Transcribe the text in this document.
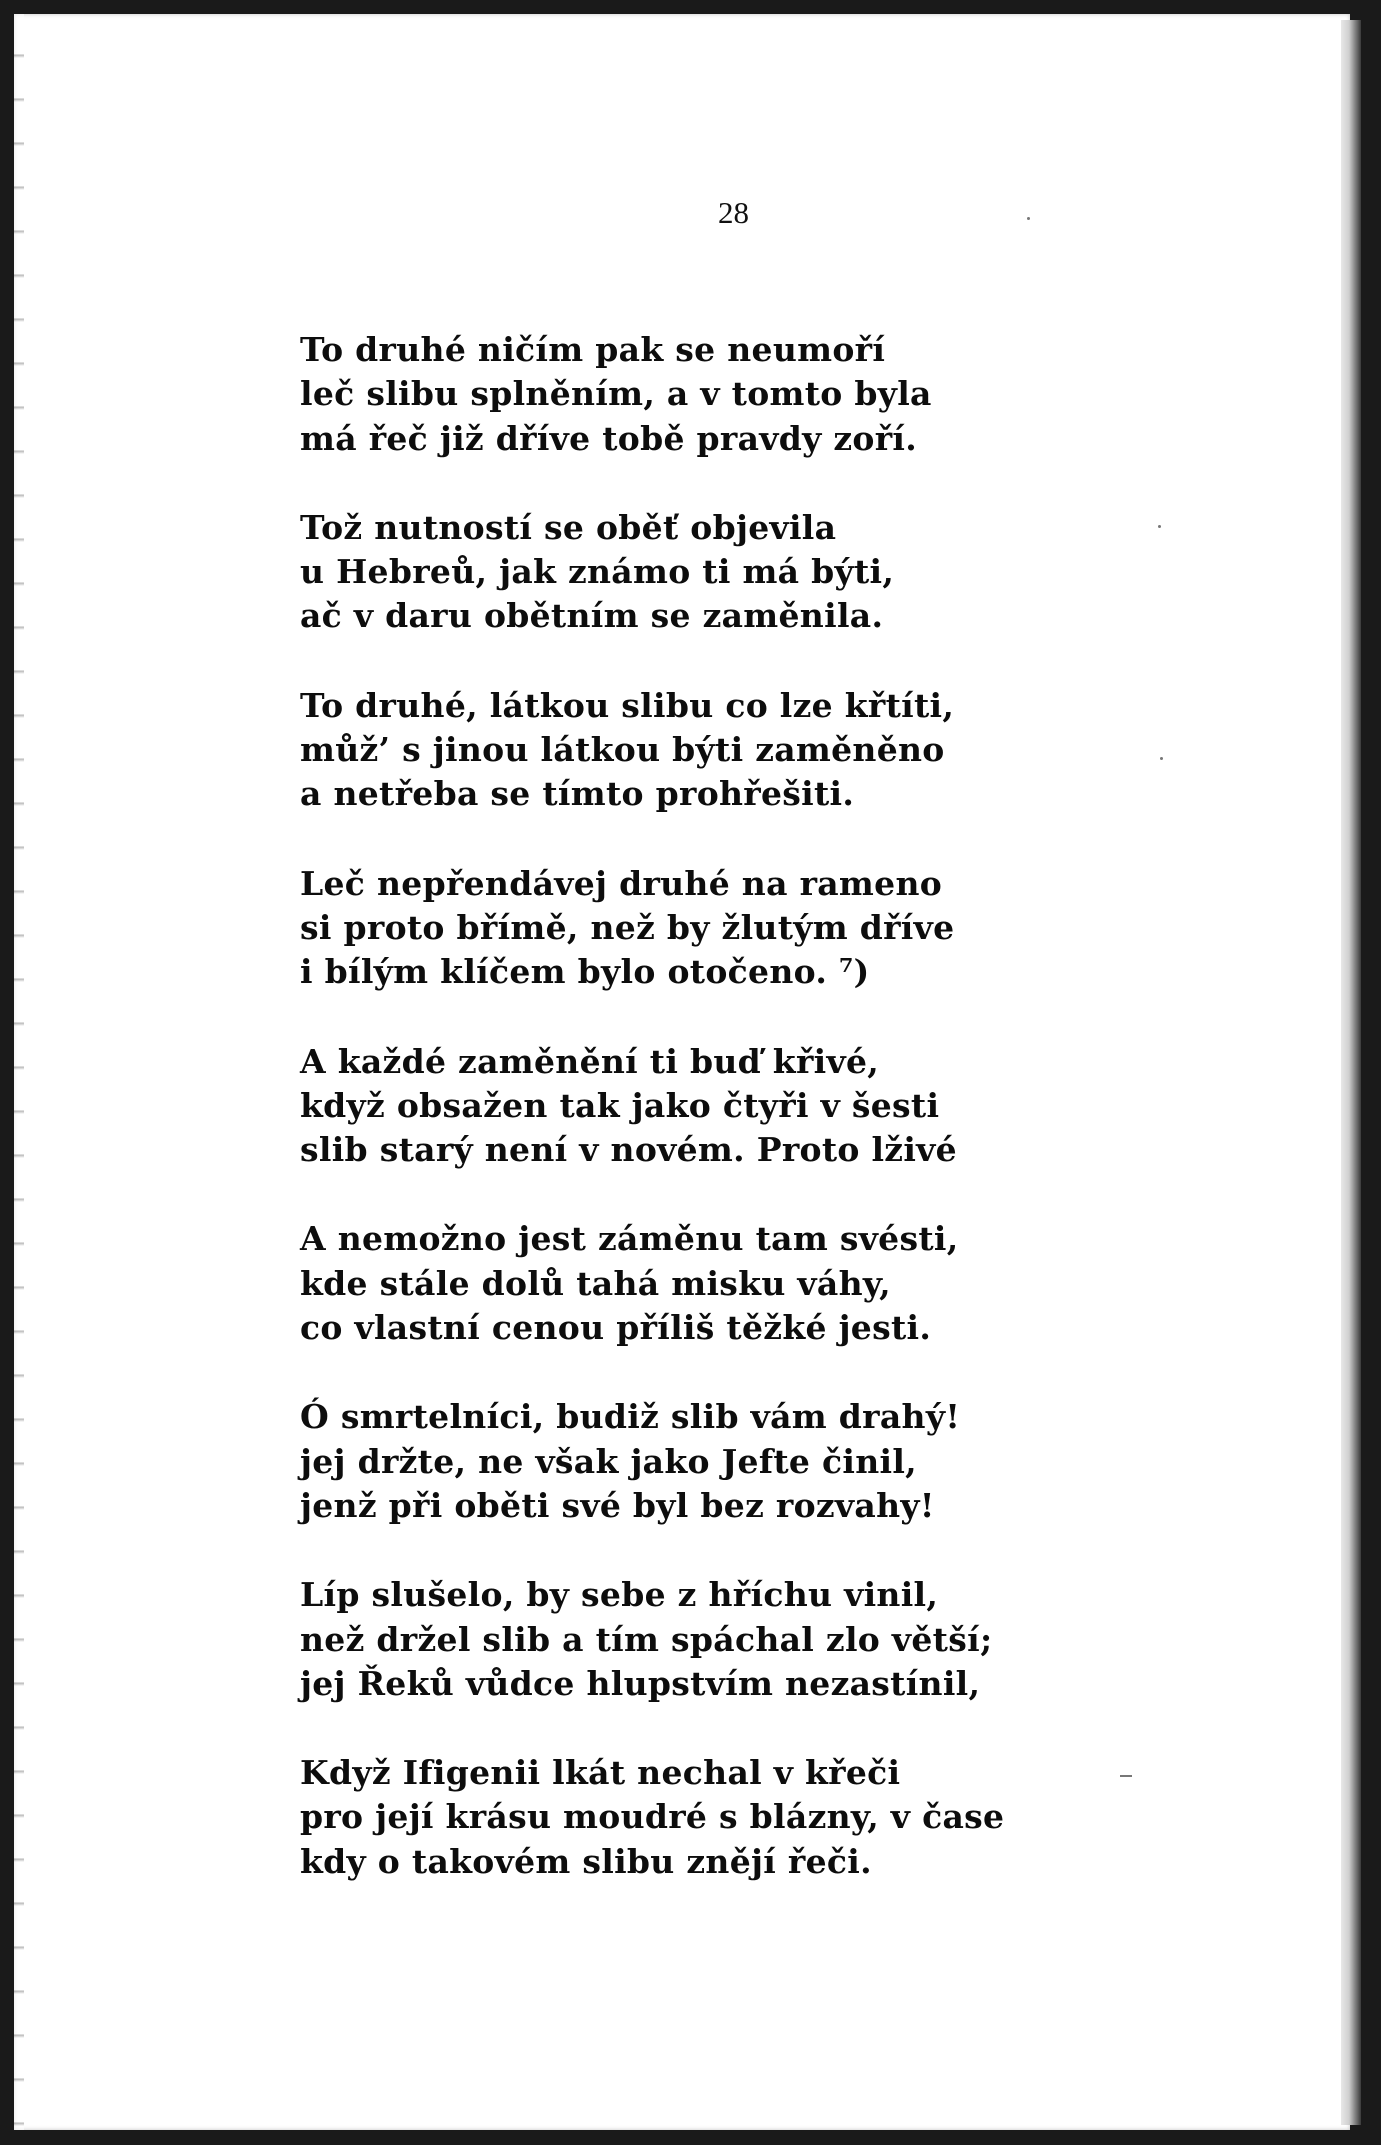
28
To druhé ničím pak se neumoří
leč slibu splněním, a v tomto byla
má řeč již dříve tobě pravdy zoří.
Tož nutností se oběť objevila
u Hebreů, jak známo ti má býti,
ač v daru obětním se zaměnila.
To druhé, látkou slibu co lze křtíti,
můž’ s jinou látkou býti zaměněno
a netřeba se tímto prohřešiti.
Leč nepřendávej druhé na rameno
si proto břímě, než by žlutým dříve
i bílým klíčem bylo otočeno. ⁷)
A každé zaměnění ti buď křivé,
když obsažen tak jako čtyři v šesti
slib starý není v novém. Proto lživé
A nemožno jest záměnu tam svésti,
kde stále dolů tahá misku váhy,
co vlastní cenou příliš těžké jesti.
Ó smrtelníci, budiž slib vám drahý!
jej držte, ne však jako Jefte činil,
jenž při oběti své byl bez rozvahy!
Líp slušelo, by sebe z hříchu vinil,
než držel slib a tím spáchal zlo větší;
jej Řeků vůdce hlupstvím nezastínil,
Když Ifigenii lkát nechal v křeči
pro její krásu moudré s blázny, v čase
kdy o takovém slibu znějí řeči.
